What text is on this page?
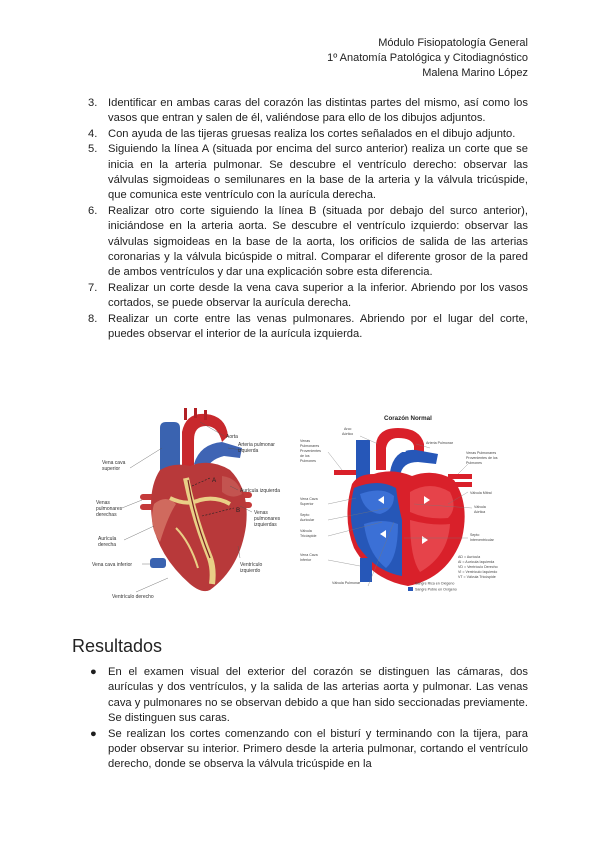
Módulo Fisiopatología General
1º Anatomía Patológica y Citodiagnóstico
Malena Marino López
3. Identificar en ambas caras del corazón las distintas partes del mismo, así como los vasos que entran y salen de él, valiéndose para ello de los dibujos adjuntos.
4. Con ayuda de las tijeras gruesas realiza los cortes señalados en el dibujo adjunto.
5. Siguiendo la línea A (situada por encima del surco anterior) realiza un corte que se inicia en la arteria pulmonar. Se descubre el ventrículo derecho: observar las válvulas sigmoideas o semilunares en la base de la arteria y la válvula tricúspide, que comunica este ventrículo con la aurícula derecha.
6. Realizar otro corte siguiendo la línea B (situada por debajo del surco anterior), iniciándose en la arteria aorta. Se descubre el ventrículo izquierdo: observar las válvulas sigmoideas en la base de la aorta, los orificios de salida de las arterias coronarias y la válvula bicúspide o mitral. Comparar el diferente grosor de la pared de ambos ventrículos y dar una explicación sobre esta diferencia.
7. Realizar un corte desde la vena cava superior a la inferior. Abriendo por los vasos cortados, se puede observar la aurícula derecha.
8. Realizar un corte entre las venas pulmonares. Abriendo por el lugar del corte, puedes observar el interior de la aurícula izquierda.
A
B
Aorta
Vena cava
superior
Arteria pulmonar
izquierda
Aurícula izquierda
Venas
pulmonares
derechas	Venas
pulmonares
izquierdas
Aurícula
derecha
Vena cava inferior	Ventrículo
izquierdo
Ventrículo derecho
Corazón Normal
Arco
Aórtico
Arteria Pulmonar
Venas
Pulmonares
Provenientes
de los
Pulmones
Venas Pulmonares
Provenientes de los
Pulmones
Válvula Mitral
Válvula
Aórtica
Vena Cava
Superior
Septo
Auricular
Válvula
Tricúspide	Septo
Interventricular
Vena Cava
Inferior
Válvula Pulmonar	Sangre Rica en Oxígeno
Sangre Pobre en Oxígeno
AD = Aurícula
AI = Aurícula Izquierda
VD = Ventrículo Derecho
VI = Ventrículo Izquierdo
VT = Válvula Tricúspide
Resultados
● En el examen visual del exterior del corazón se distinguen las cámaras, dos aurículas y dos ventrículos, y la salida de las arterias aorta y pulmonar. Las venas cava y pulmonares no se observan debido a que han sido seccionadas previamente. Se distinguen sus caras.
● Se realizan los cortes comenzando con el bisturí y terminando con la tijera, para poder observar su interior. Primero desde la arteria pulmonar, cortando el ventrículo derecho, donde se observa la válvula tricúspide en la
